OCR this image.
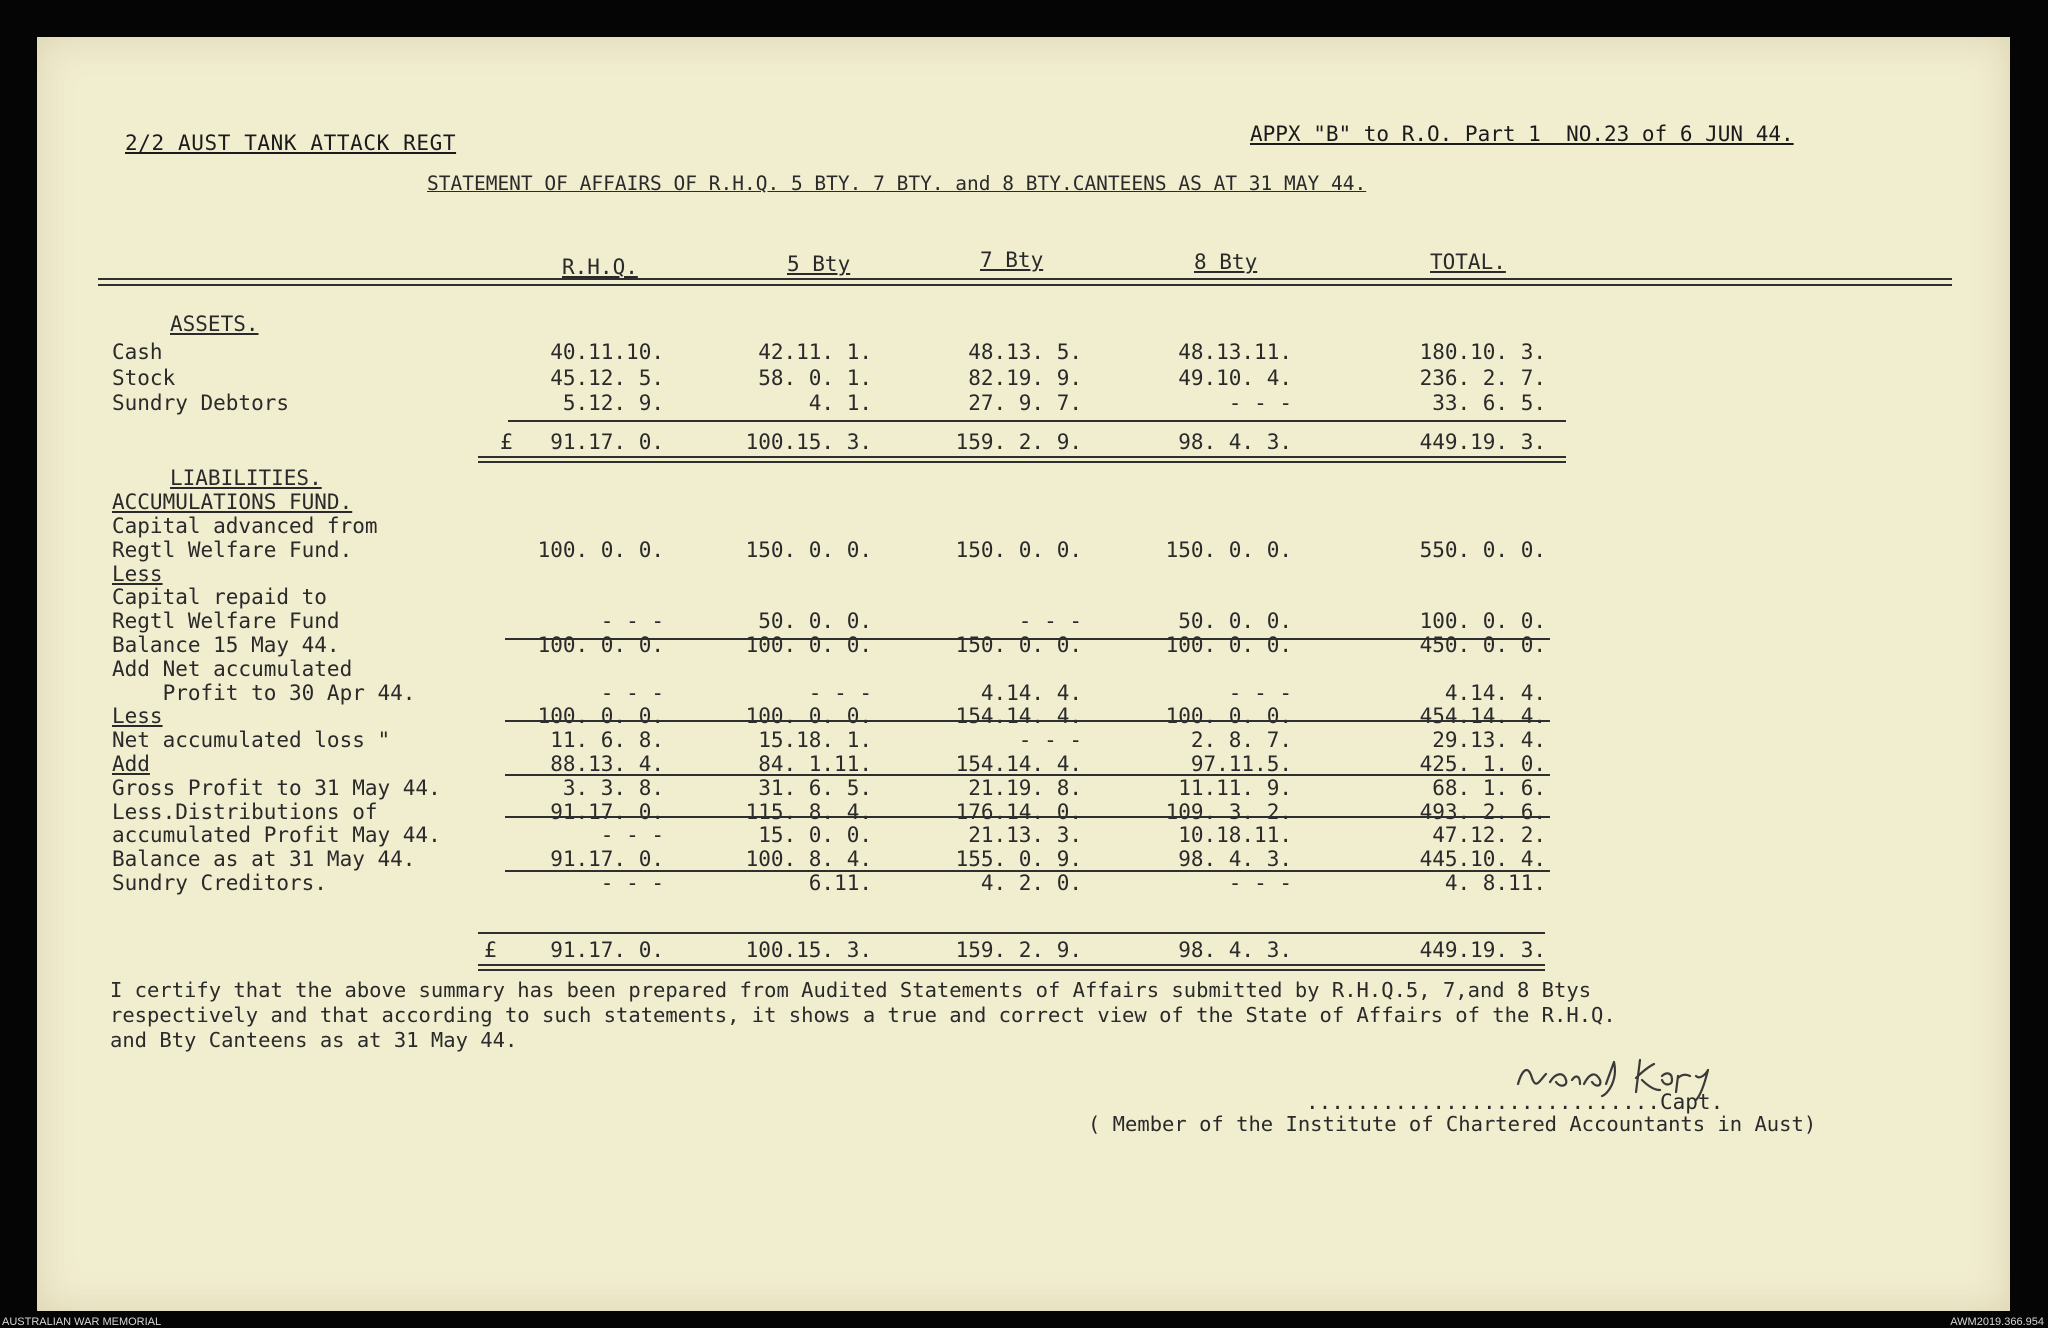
2/2 AUST TANK ATTACK REGT	APPX "B" to R.O. Part 1  NO.23 of 6 JUN 44.
STATEMENT OF AFFAIRS OF R.H.Q. 5 BTY. 7 BTY. and 8 BTY.CANTEENS AS AT 31 MAY 44.
R.H.Q.	5 Bty	7 Bty	8 Bty	TOTAL.
ASSETS.
Cash	40.11.10.	42.11. 1.	48.13. 5.	48.13.11.	180.10. 3.
Stock	45.12. 5.	58. 0. 1.	82.19. 9.	49.10. 4.	236. 2. 7.
Sundry Debtors	5.12. 9.	4. 1.	27. 9. 7.	- - -	33. 6. 5.
£	91.17. 0.	100.15. 3.	159. 2. 9.	98. 4. 3.	449.19. 3.
LIABILITIES.
ACCUMULATIONS FUND.
Capital advanced from
Regtl Welfare Fund.	100. 0. 0.	150. 0. 0.	150. 0. 0.	150. 0. 0.	550. 0. 0.
Less
Capital repaid to
Regtl Welfare Fund	- - -	50. 0. 0.	- - -	50. 0. 0.	100. 0. 0.
Balance 15 May 44.	100. 0. 0.	100. 0. 0.	150. 0. 0.	100. 0. 0.	450. 0. 0.
Add Net accumulated
Profit to 30 Apr 44.	- - -	- - -	4.14. 4.	- - -	4.14. 4.
Less	100. 0. 0.	100. 0. 0.	154.14. 4.	100. 0. 0.	454.14. 4.
Net accumulated loss "	11. 6. 8.	15.18. 1.	- - -	2. 8. 7.	29.13. 4.
Add	88.13. 4.	84. 1.11.	154.14. 4.	97.11.5.	425. 1. 0.
Gross Profit to 31 May 44.	3. 3. 8.	31. 6. 5.	21.19. 8.	11.11. 9.	68. 1. 6.
Less.Distributions of	91.17. 0.	115. 8. 4.	176.14. 0.	109. 3. 2.	493. 2. 6.
accumulated Profit May 44.	- - -	15. 0. 0.	21.13. 3.	10.18.11.	47.12. 2.
Balance as at 31 May 44.	91.17. 0.	100. 8. 4.	155. 0. 9.	98. 4. 3.	445.10. 4.
Sundry Creditors.	- - -	6.11.	4. 2. 0.	- - -	4. 8.11.
£	91.17. 0.	100.15. 3.	159. 2. 9.	98. 4. 3.	449.19. 3.
I certify that the above summary has been prepared from Audited Statements of Affairs submitted by R.H.Q.5, 7,and 8 Btys
respectively and that according to such statements, it shows a true and correct view of the State of Affairs of the R.H.Q.
and Bty Canteens as at 31 May 44.
............................Capt.
( Member of the Institute of Chartered Accountants in Aust)
AUSTRALIAN WAR MEMORIAL	AWM2019.366.954
